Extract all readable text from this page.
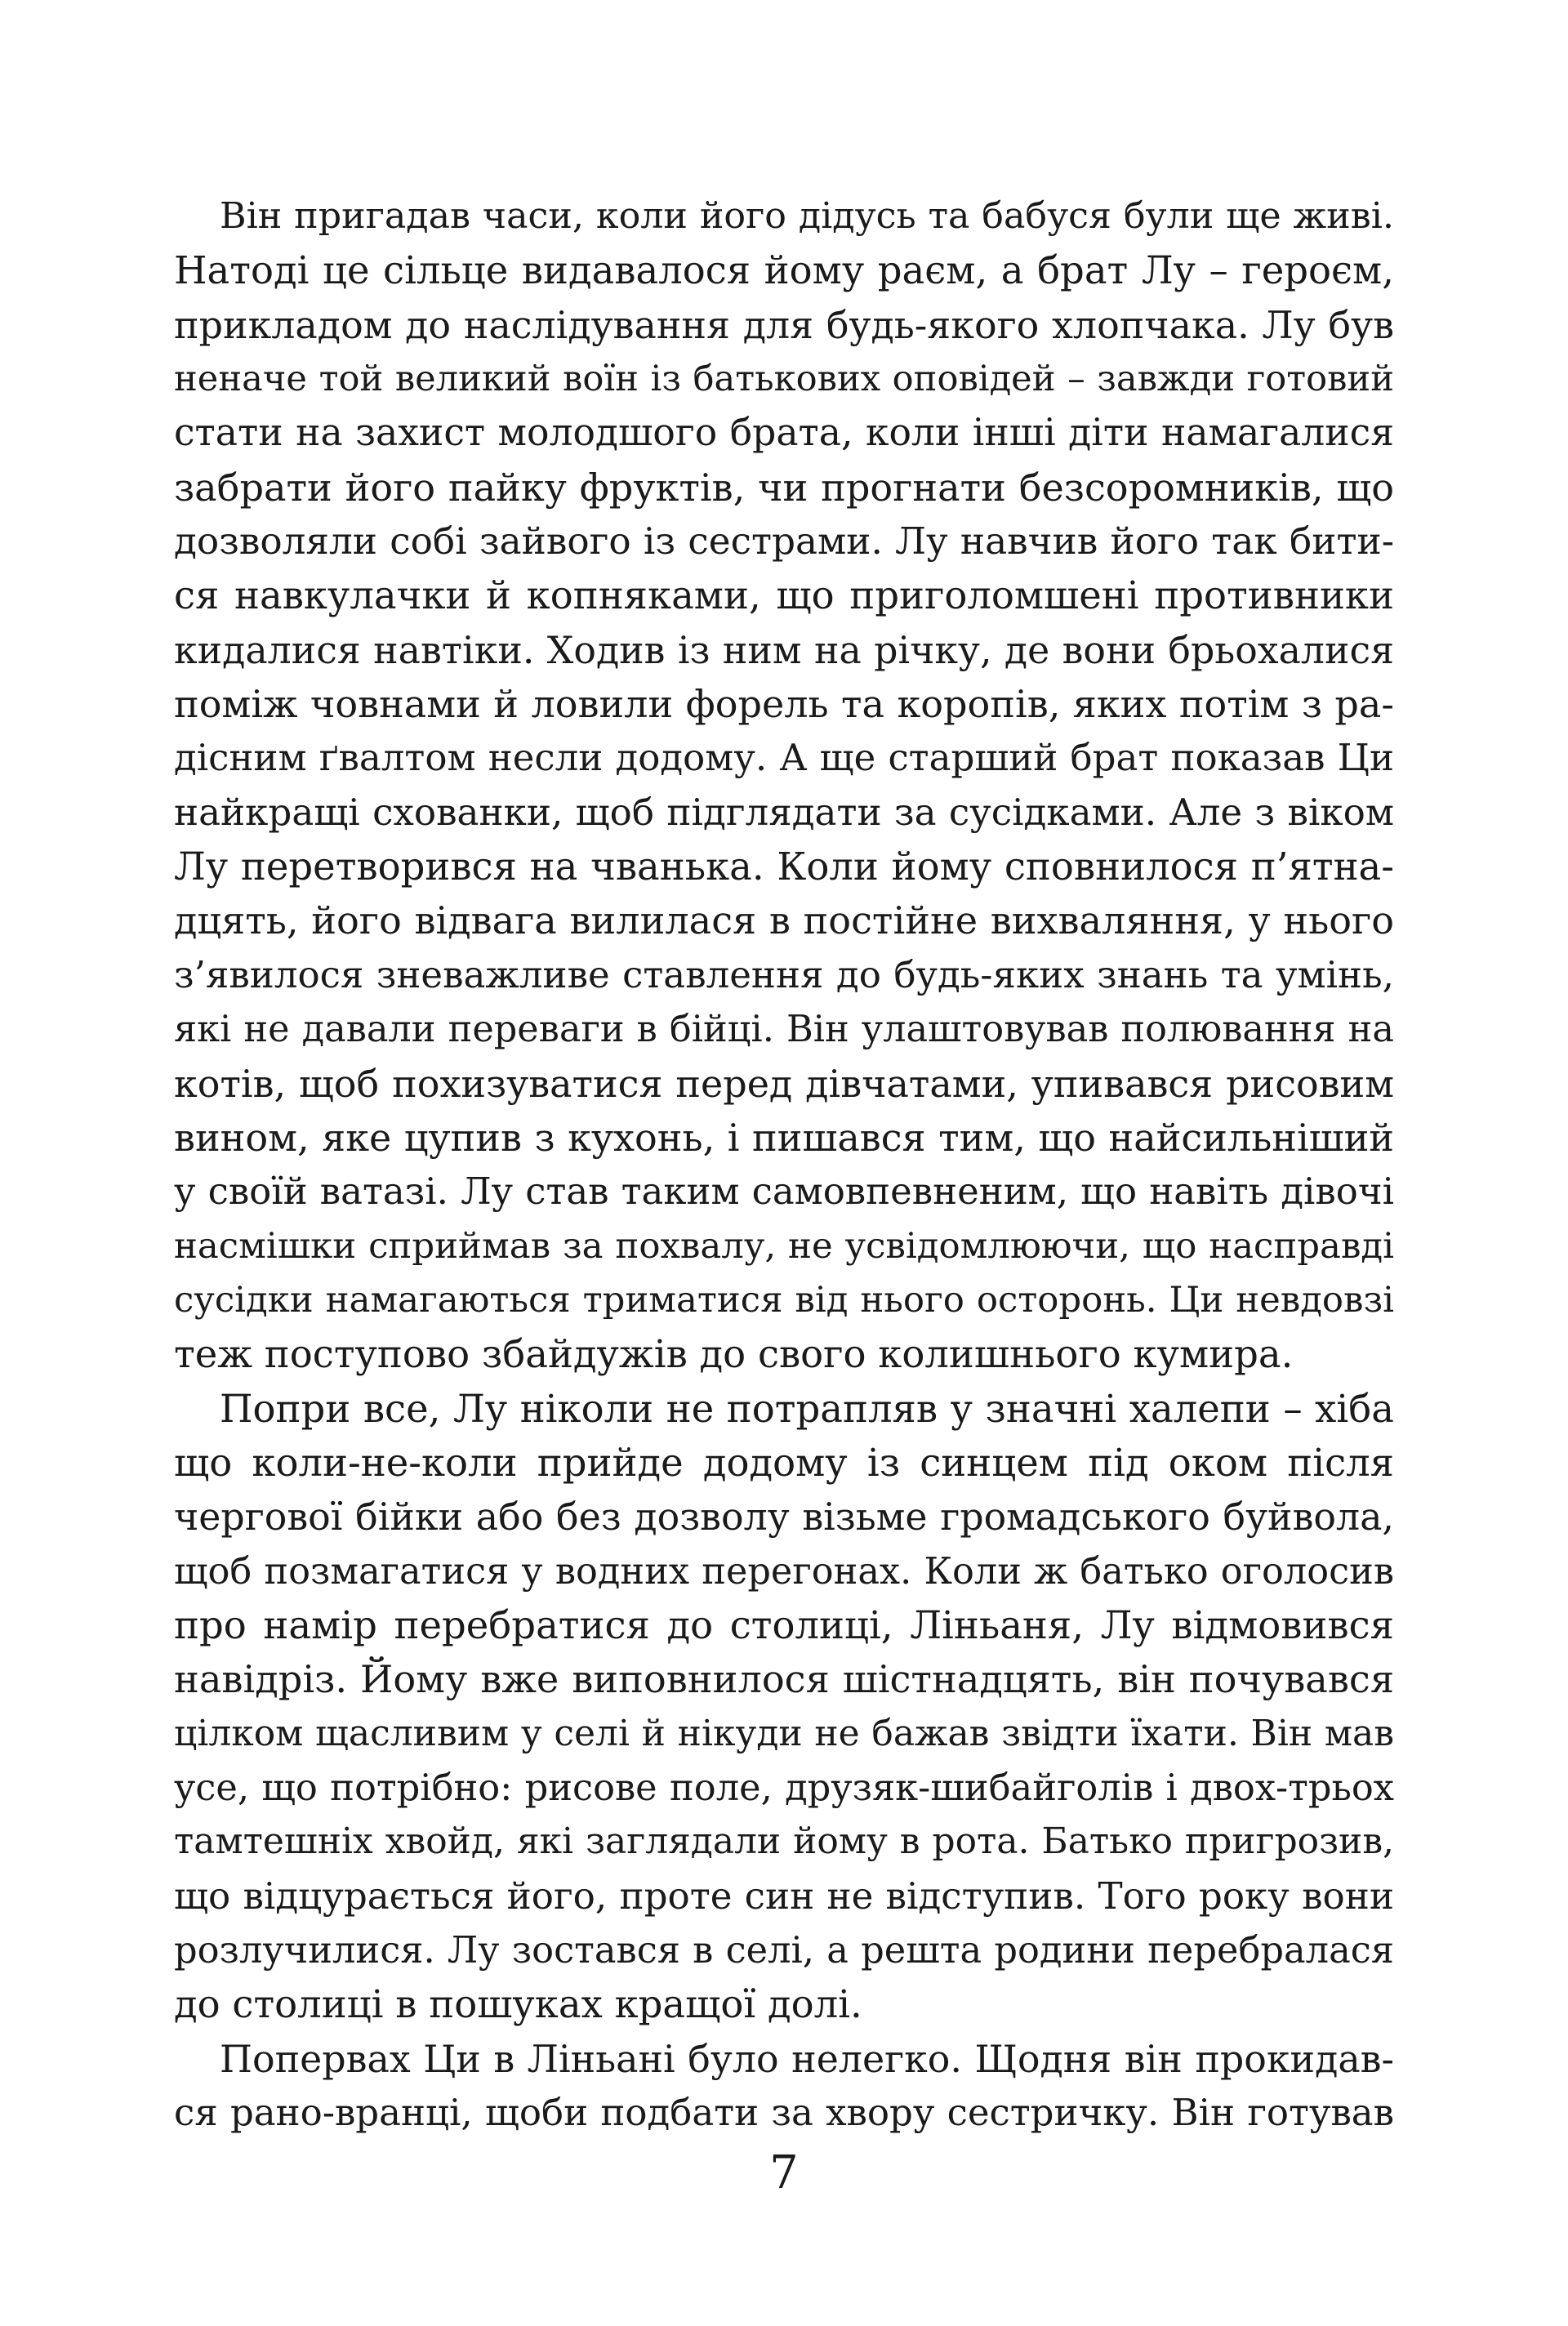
Він пригадав часи, коли його дідусь та бабуся були ще живі.
Натоді це сільце видавалося йому раєм, а брат Лу – героєм,
прикладом до наслідування для будь-якого хлопчака. Лу був
неначе той великий воїн із батькових оповідей – завжди готовий
стати на захист молодшого брата, коли інші діти намагалися
забрати його пайку фруктів, чи прогнати безсоромників, що
дозволяли собі зайвого із сестрами. Лу навчив його так бити-
ся навкулачки й копняками, що приголомшені противники
кидалися навтіки. Ходив із ним на річку, де вони брьохалися
поміж човнами й ловили форель та коропів, яких потім з ра-
дісним ґвалтом несли додому. А ще старший брат показав Ци
найкращі схованки, щоб підглядати за сусідками. Але з віком
Лу перетворився на чванька. Коли йому сповнилося п’ятна-
дцять, його відвага вилилася в постійне вихваляння, у нього
з’явилося зневажливе ставлення до будь-яких знань та умінь,
які не давали переваги в бійці. Він улаштовував полювання на
котів, щоб похизуватися перед дівчатами, упивався рисовим
вином, яке цупив з кухонь, і пишався тим, що найсильніший
у своїй ватазі. Лу став таким самовпевненим, що навіть дівочі
насмішки сприймав за похвалу, не усвідомлюючи, що насправді
сусідки намагаються триматися від нього осторонь. Ци невдовзі
теж поступово збайдужів до свого колишнього кумира.
Попри все, Лу ніколи не потрапляв у значні халепи – хіба
що коли-не-коли прийде додому із синцем під оком після
чергової бійки або без дозволу візьме громадського буйвола,
щоб позмагатися у водних перегонах. Коли ж батько оголосив
про намір перебратися до столиці, Ліньаня, Лу відмовився
навідріз. Йому вже виповнилося шістнадцять, він почувався
цілком щасливим у селі й нікуди не бажав звідти їхати. Він мав
усе, що потрібно: рисове поле, друзяк-шибайголів і двох-трьох
тамтешніх хвойд, які заглядали йому в рота. Батько пригрозив,
що відцурається його, проте син не відступив. Того року вони
розлучилися. Лу зостався в селі, а решта родини перебралася
до столиці в пошуках кращої долі.
Поперваx Ци в Ліньані було нелегко. Щодня він прокидав-
ся рано-вранці, щоби подбати за хвору сестричку. Він готував
7
